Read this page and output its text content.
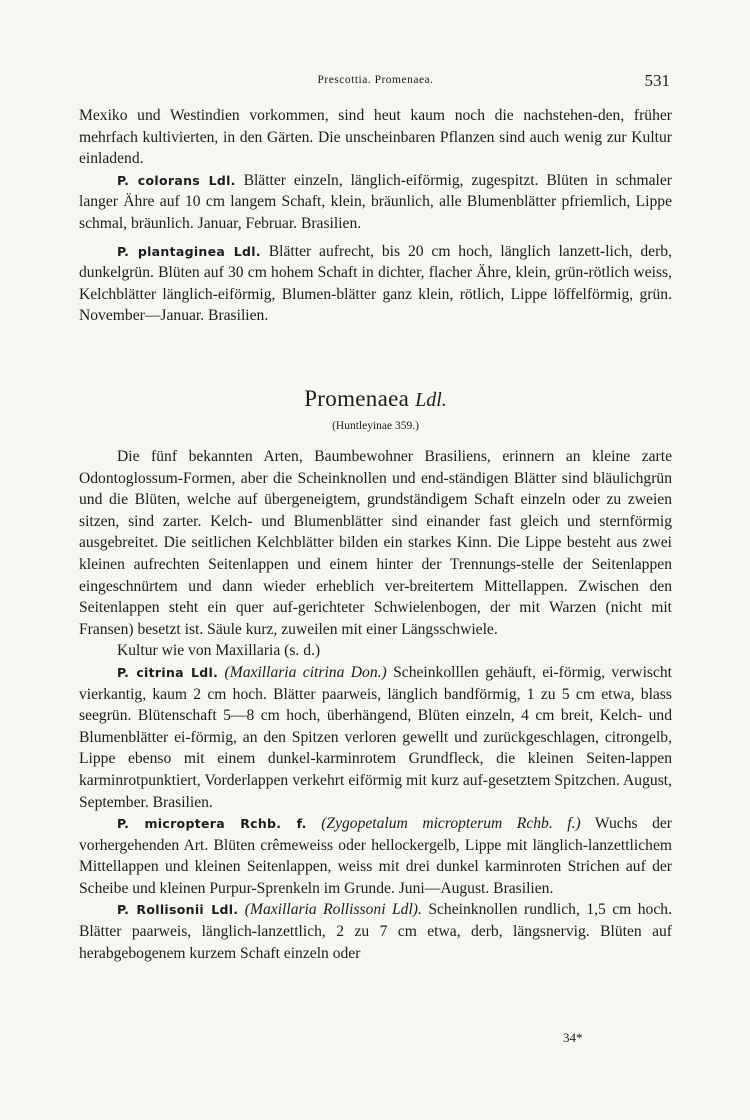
Prescottia. Promenaea.	531

Mexiko und Westindien vorkommen, sind heut kaum noch die nachstehen-den, früher mehrfach kultivierten, in den Gärten. Die unscheinbaren Pflanzen sind auch wenig zur Kultur einladend.

P. colorans Ldl. Blätter einzeln, länglich-eiförmig, zugespitzt. Blüten in schmaler langer Ähre auf 10 cm langem Schaft, klein, bräunlich, alle Blumenblätter pfriemlich, Lippe schmal, bräunlich. Januar, Februar. Brasilien.

P. plantaginea Ldl. Blätter aufrecht, bis 20 cm hoch, länglich lanzett-lich, derb, dunkelgrün. Blüten auf 30 cm hohem Schaft in dichter, flacher Ähre, klein, grün-rötlich weiss, Kelchblätter länglich-eiförmig, Blumen-blätter ganz klein, rötlich, Lippe löffelförmig, grün. November—Januar. Brasilien.

Promenaea Ldl.
(Huntleyinae 359.)

Die fünf bekannten Arten, Baumbewohner Brasiliens, erinnern an kleine zarte Odontoglossum-Formen, aber die Scheinknollen und end-ständigen Blätter sind bläulichgrün und die Blüten, welche auf übergeneigtem, grundständigem Schaft einzeln oder zu zweien sitzen, sind zarter. Kelch- und Blumenblätter sind einander fast gleich und sternförmig ausgebreitet. Die seitlichen Kelchblätter bilden ein starkes Kinn. Die Lippe besteht aus zwei kleinen aufrechten Seitenlappen und einem hinter der Trennungs-stelle der Seitenlappen eingeschnürtem und dann wieder erheblich ver-breitertem Mittellappen. Zwischen den Seitenlappen steht ein quer auf-gerichteter Schwielenbogen, der mit Warzen (nicht mit Fransen) besetzt ist. Säule kurz, zuweilen mit einer Längsschwiele.

Kultur wie von Maxillaria (s. d.)

P. citrina Ldl. (Maxillaria citrina Don.) Scheinkolllen gehäuft, ei-förmig, verwischt vierkantig, kaum 2 cm hoch. Blätter paarweis, länglich bandförmig, 1 zu 5 cm etwa, blass seegrün. Blütenschaft 5—8 cm hoch, überhängend, Blüten einzeln, 4 cm breit, Kelch- und Blumenblätter ei-förmig, an den Spitzen verloren gewellt und zurückgeschlagen, citrongelb, Lippe ebenso mit einem dunkel-karminrotem Grundfleck, die kleinen Seiten-lappen karminrotpunktiert, Vorderlappen verkehrt eiförmig mit kurz auf-gesetztem Spitzchen. August, September. Brasilien.

P. microptera Rchb. f. (Zygopetalum micropterum Rchb. f.) Wuchs der vorhergehenden Art. Blüten crêmeweiss oder hellockergelb, Lippe mit länglich-lanzettlichem Mittellappen und kleinen Seitenlappen, weiss mit drei dunkel karminroten Strichen auf der Scheibe und kleinen Purpur-Sprenkeln im Grunde. Juni—August. Brasilien.

P. Rollisonii Ldl. (Maxillaria Rollissoni Ldl). Scheinknollen rundlich, 1,5 cm hoch. Blätter paarweis, länglich-lanzettlich, 2 zu 7 cm etwa, derb, längsnervig. Blüten auf herabgebogenem kurzem Schaft einzeln oder

34*
